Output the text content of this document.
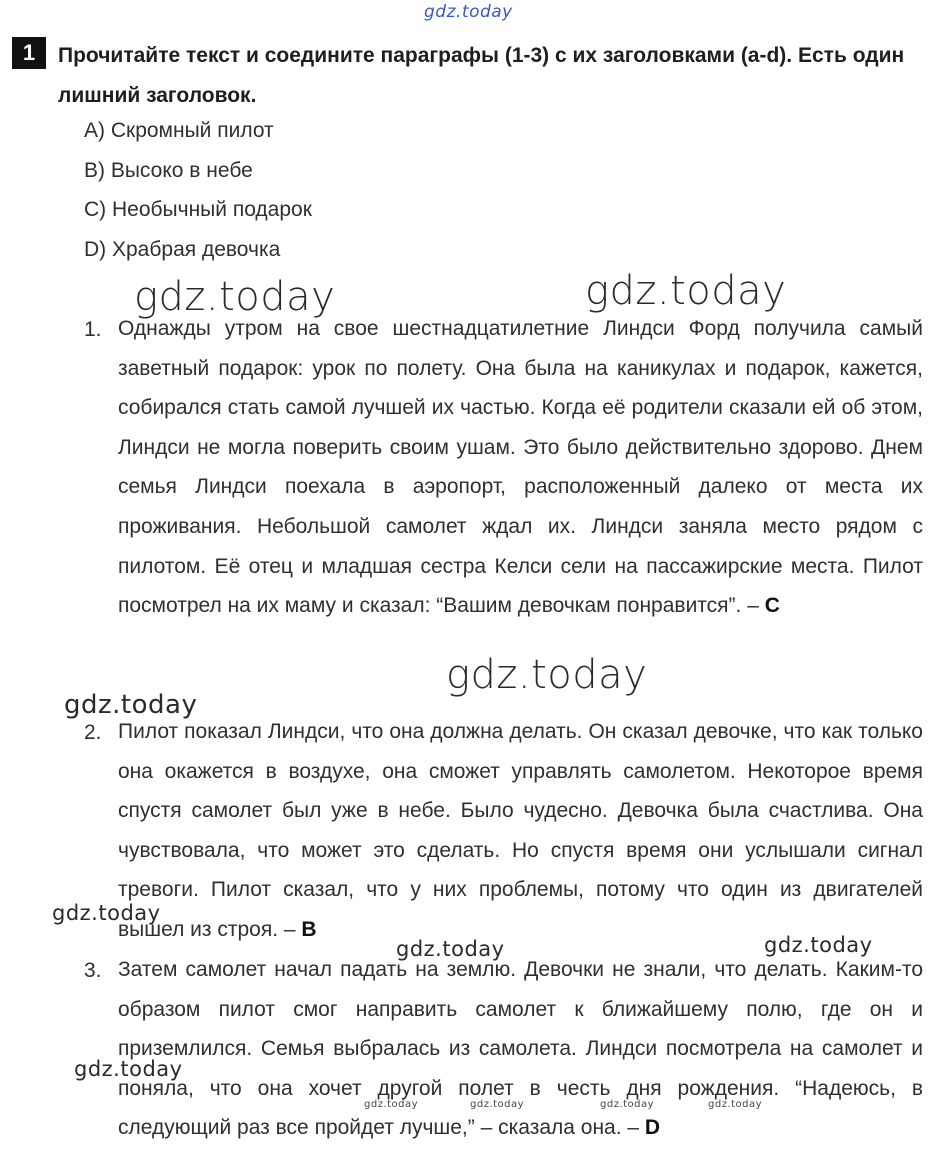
gdz.today
gdz.today	gdz.today
gdz.today
gdz.today
gdz.today
gdz.today	gdz.today
gdz.today
gdz.today	gdz.today	gdz.today	gdz.today
1	Прочитайте текст и соедините параграфы (1-3) с их заголовками (a-d). Есть один лишний заголовок.
A) Скромный пилот
B) Высоко в небе
C) Необычный подарок
D) Храбрая девочка
1. Однажды утром на свое шестнадцатилетние Линдси Форд получила самый заветный подарок: урок по полету. Она была на каникулах и подарок, кажется, собирался стать самой лучшей их частью. Когда её родители сказали ей об этом, Линдси не могла поверить своим ушам. Это было действительно здорово. Днем семья Линдси поехала в аэропорт, расположенный далеко от места их проживания. Небольшой самолет ждал их. Линдси заняла место рядом с пилотом. Её отец и младшая сестра Келси сели на пассажирские места. Пилот посмотрел на их маму и сказал: “Вашим девочкам понравится”. – C
2. Пилот показал Линдси, что она должна делать. Он сказал девочке, что как только она окажется в воздухе, она сможет управлять самолетом. Некоторое время спустя самолет был уже в небе. Было чудесно. Девочка была счастлива. Она чувствовала, что может это сделать. Но спустя время они услышали сигнал тревоги. Пилот сказал, что у них проблемы, потому что один из двигателей вышел из строя. – B
3. Затем самолет начал падать на землю. Девочки не знали, что делать. Каким-то образом пилот смог направить самолет к ближайшему полю, где он и приземлился. Семья выбралась из самолета. Линдси посмотрела на самолет и поняла, что она хочет другой полет в честь дня рождения. “Надеюсь, в следующий раз все пройдет лучше,” – сказала она. – D
